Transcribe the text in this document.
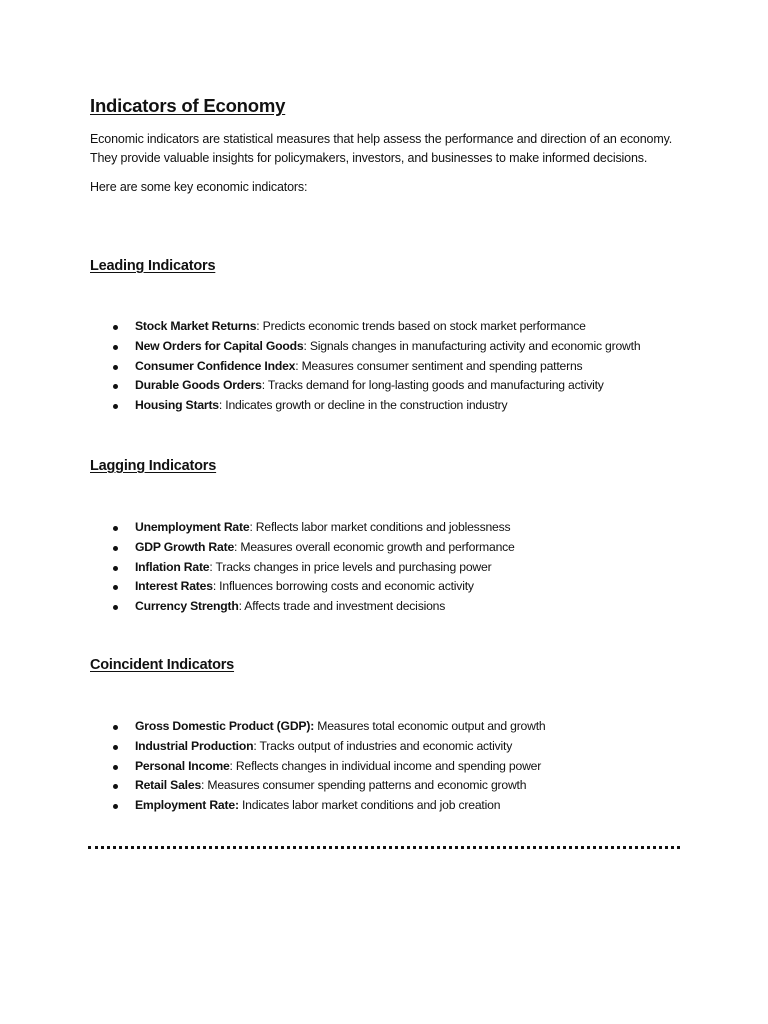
Indicators of Economy

Economic indicators are statistical measures that help assess the performance and direction of an economy. They provide valuable insights for policymakers, investors, and businesses to make informed decisions.

Here are some key economic indicators:

Leading Indicators
Stock Market Returns: Predicts economic trends based on stock market performance
New Orders for Capital Goods: Signals changes in manufacturing activity and economic growth
Consumer Confidence Index: Measures consumer sentiment and spending patterns
Durable Goods Orders: Tracks demand for long-lasting goods and manufacturing activity
Housing Starts: Indicates growth or decline in the construction industry
Lagging Indicators
Unemployment Rate: Reflects labor market conditions and joblessness
GDP Growth Rate: Measures overall economic growth and performance
Inflation Rate: Tracks changes in price levels and purchasing power
Interest Rates: Influences borrowing costs and economic activity
Currency Strength: Affects trade and investment decisions
Coincident Indicators
Gross Domestic Product (GDP): Measures total economic output and growth
Industrial Production: Tracks output of industries and economic activity
Personal Income: Reflects changes in individual income and spending power
Retail Sales: Measures consumer spending patterns and economic growth
Employment Rate: Indicates labor market conditions and job creation
